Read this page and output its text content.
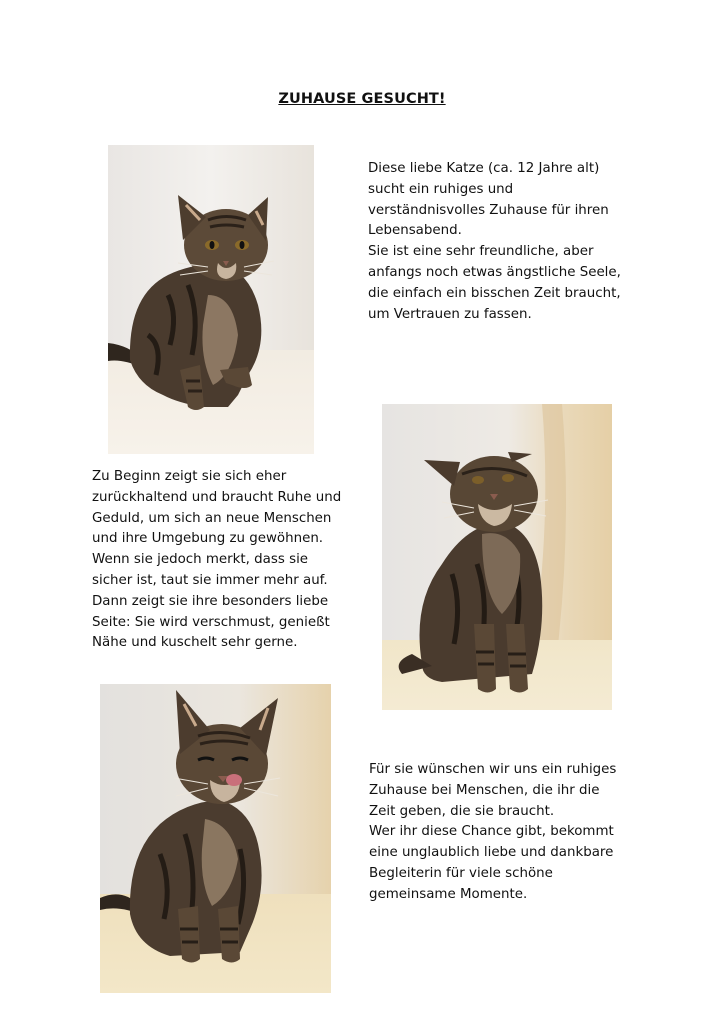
ZUHAUSE GESUCHT!
Diese liebe Katze (ca. 12 Jahre alt)
sucht ein ruhiges und
verständnisvolles Zuhause für ihren
Lebensabend.
Sie ist eine sehr freundliche, aber
anfangs noch etwas ängstliche Seele,
die einfach ein bisschen Zeit braucht,
um Vertrauen zu fassen.
Zu Beginn zeigt sie sich eher
zurückhaltend und braucht Ruhe und
Geduld, um sich an neue Menschen
und ihre Umgebung zu gewöhnen.
Wenn sie jedoch merkt, dass sie
sicher ist, taut sie immer mehr auf.
Dann zeigt sie ihre besonders liebe
Seite: Sie wird verschmust, genießt
Nähe und kuschelt sehr gerne.
Für sie wünschen wir uns ein ruhiges
Zuhause bei Menschen, die ihr die
Zeit geben, die sie braucht.
Wer ihr diese Chance gibt, bekommt
eine unglaublich liebe und dankbare
Begleiterin für viele schöne
gemeinsame Momente.
